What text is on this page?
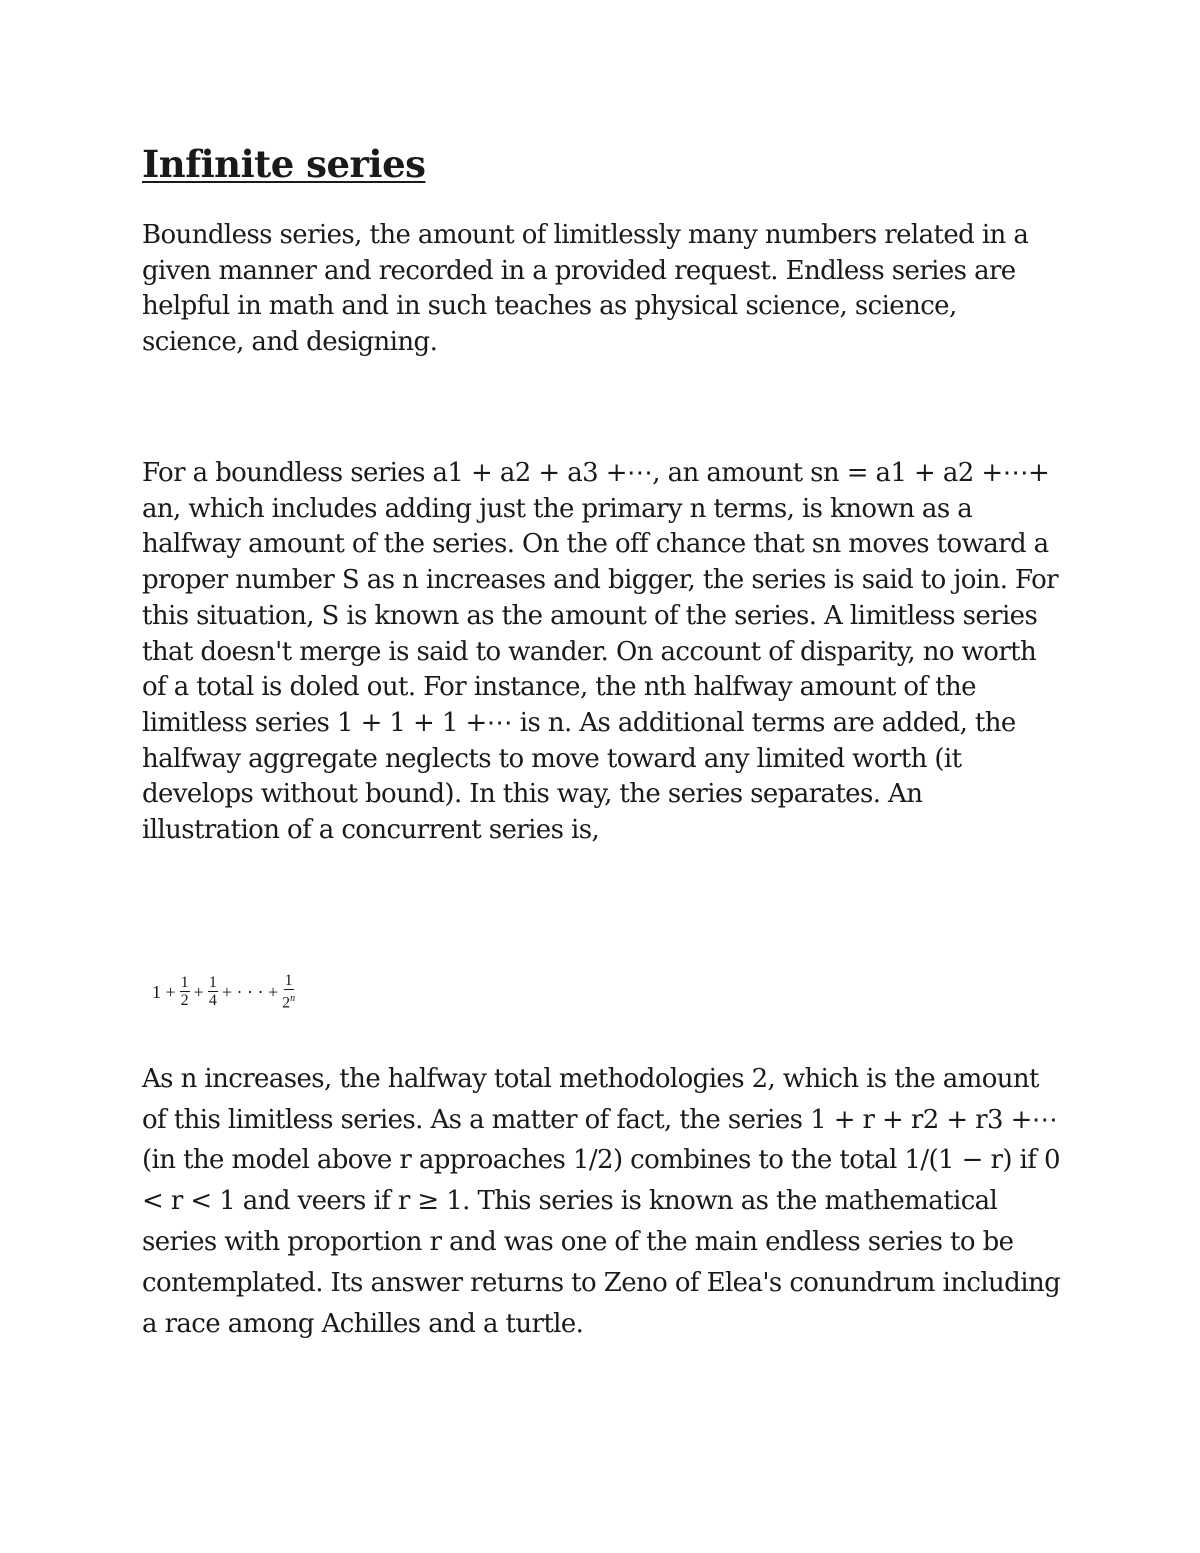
Infinite series

Boundless series, the amount of limitlessly many numbers related in a given manner and recorded in a provided request. Endless series are helpful in math and in such teaches as physical science, science, science, and designing.

For a boundless series a1 + a2 + a3 +⋯, an amount sn = a1 + a2 +⋯+ an, which includes adding just the primary n terms, is known as a halfway amount of the series. On the off chance that sn moves toward a proper number S as n increases and bigger, the series is said to join. For this situation, S is known as the amount of the series. A limitless series that doesn't merge is said to wander. On account of disparity, no worth of a total is doled out. For instance, the nth halfway amount of the limitless series 1 + 1 + 1 +⋯ is n. As additional terms are added, the halfway aggregate neglects to move toward any limited worth (it develops without bound). In this way, the series separates. An illustration of a concurrent series is,

$1 + \frac{1}{2} + \frac{1}{4}$ + · · · + $\frac{1}{2^n}$

As n increases, the halfway total methodologies 2, which is the amount of this limitless series. As a matter of fact, the series 1 + r + r2 + r3 +⋯ (in the model above r approaches 1/2) combines to the total 1/(1 − r) if 0 < r < 1 and veers if r ≥ 1. This series is known as the mathematical series with proportion r and was one of the main endless series to be contemplated. Its answer returns to Zeno of Elea's conundrum including a race among Achilles and a turtle.
